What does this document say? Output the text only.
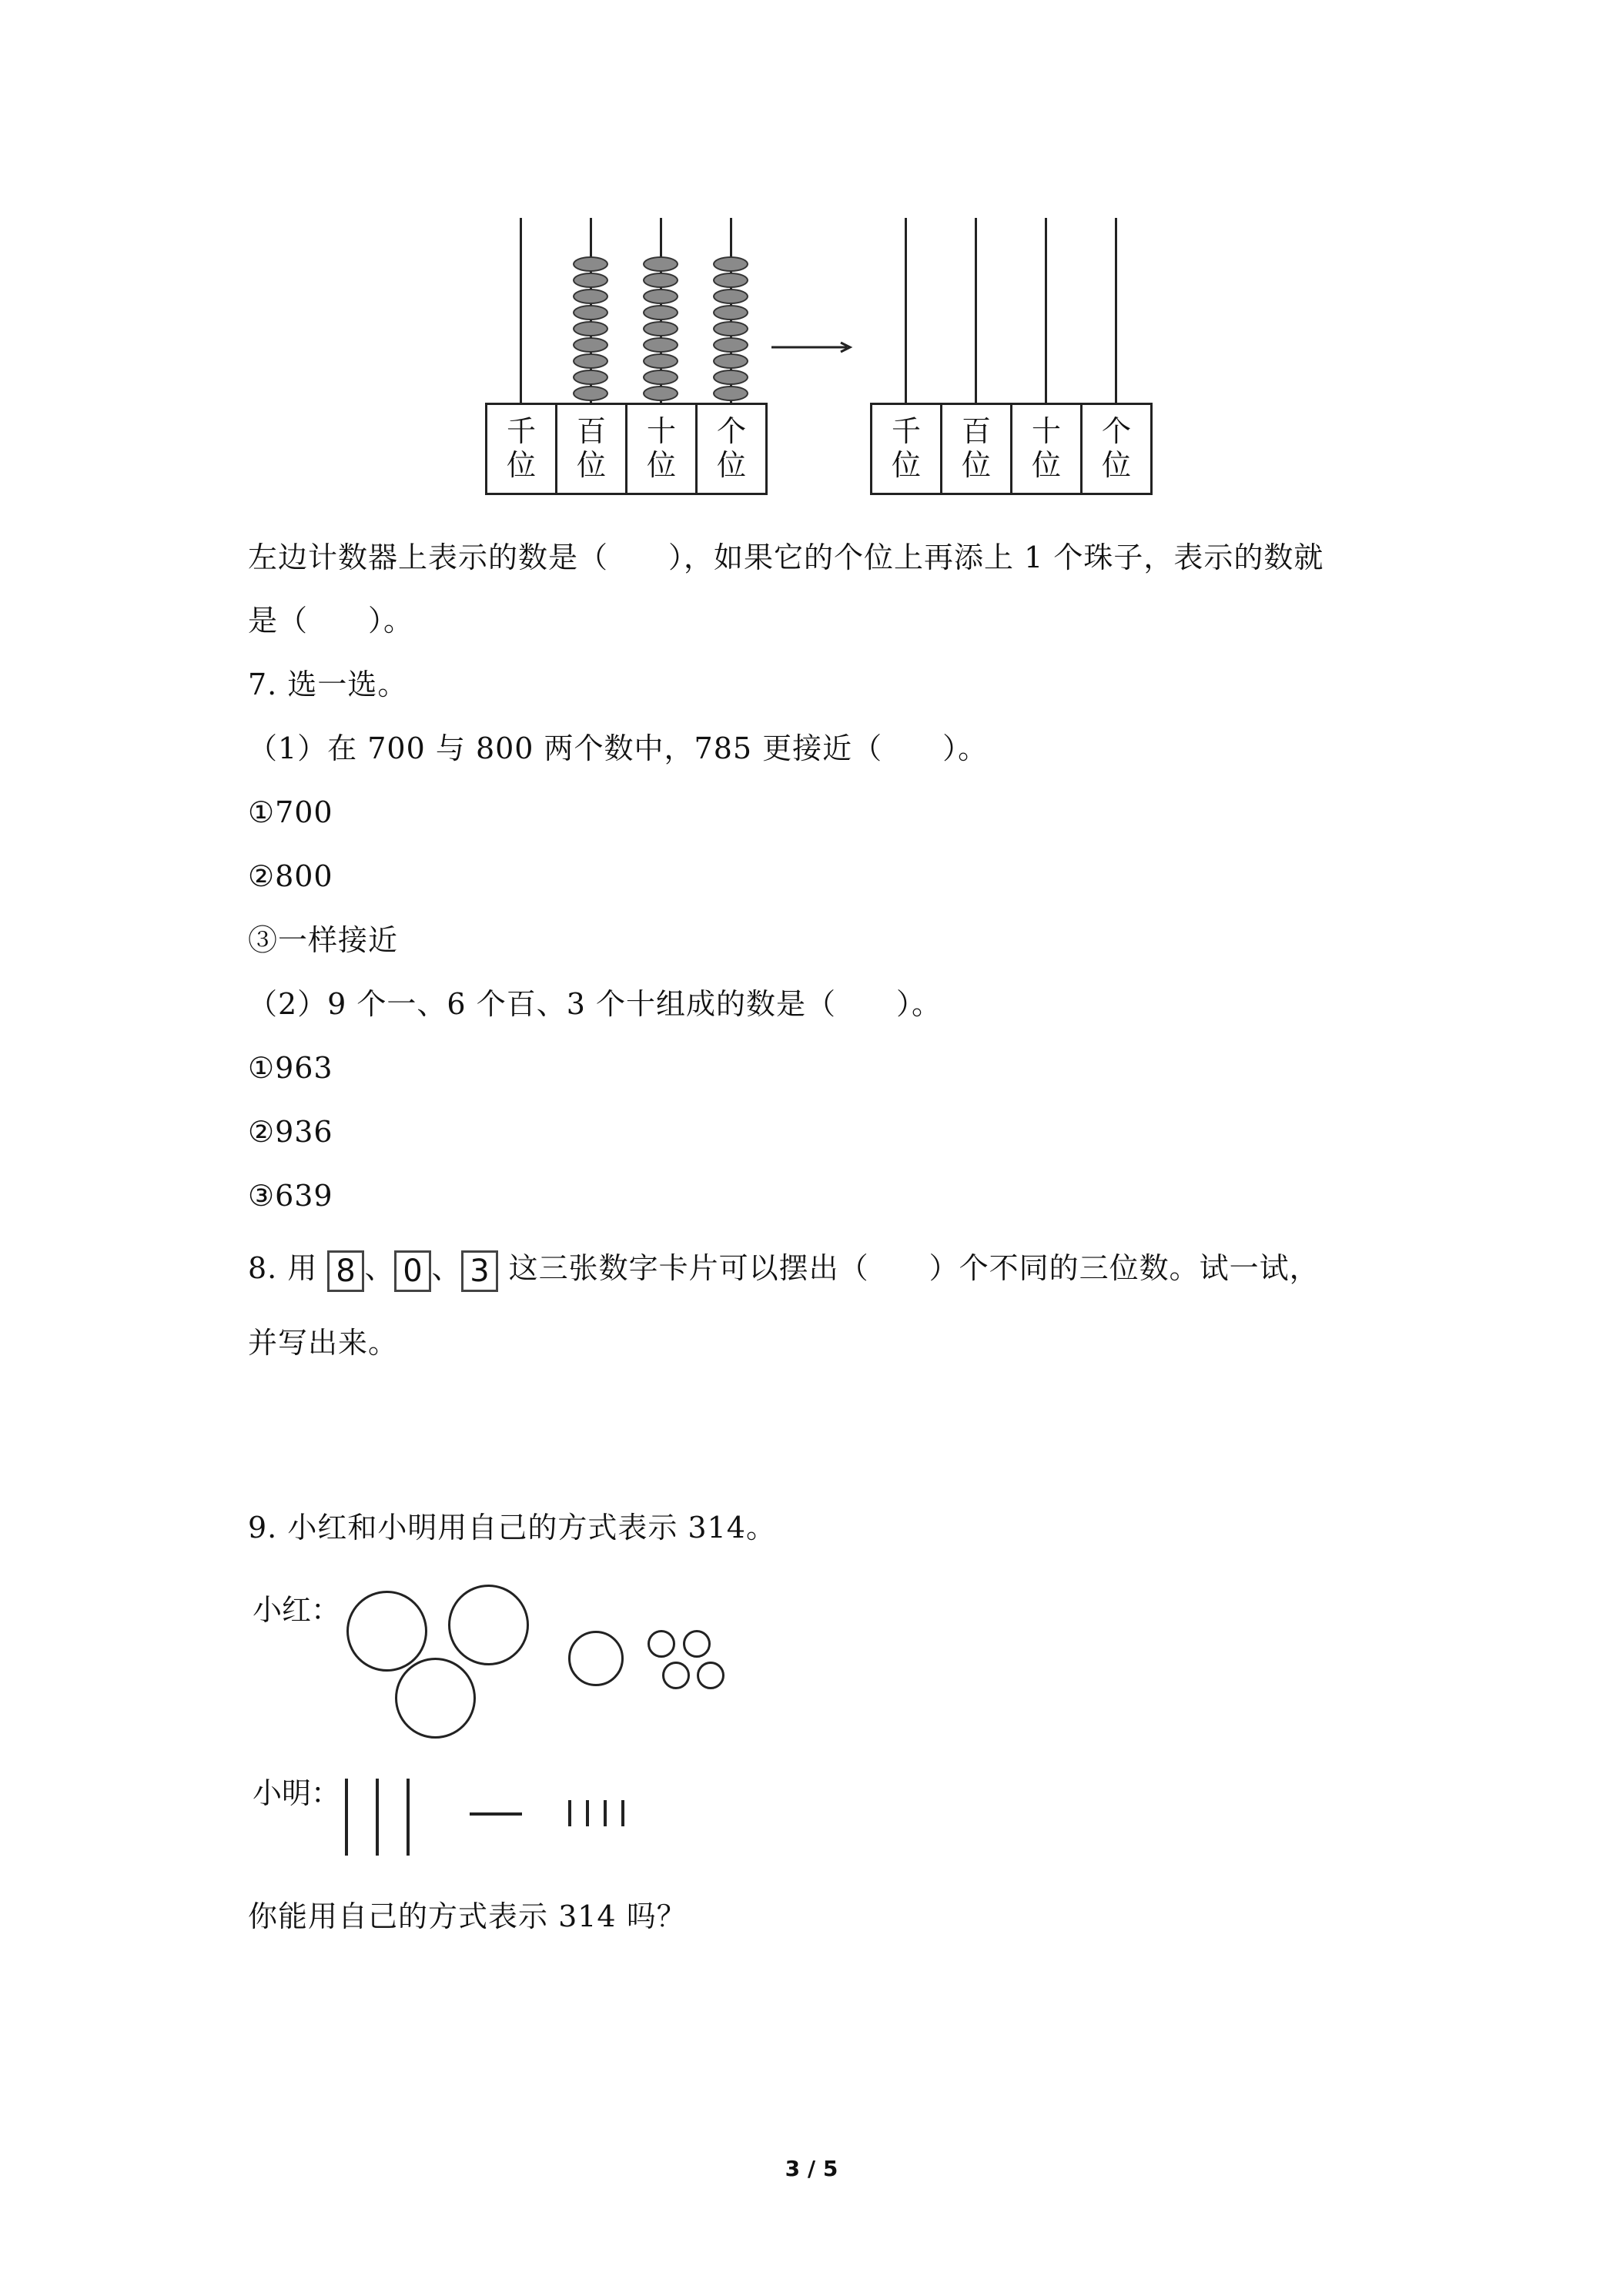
千
位
百
位
十
位
个
位
千
位
百
位
十
位
个
位
左边计数器上表示的数是（　　），如果它的个位上再添上 1 个珠子，表示的数就
是（　　）。
7. 选一选。
（1）在 700 与 800 两个数中，785 更接近（　　）。
①700
②800
③一样接近
（2）9 个一、6 个百、3 个十组成的数是（　　）。
①963
②936
③639
8. 用 8 、 0 、 3 这三张数字卡片可以摆出（　　）个不同的三位数。试一试，
并写出来。
9. 小红和小明用自己的方式表示 314。
小红：
小明：
你能用自己的方式表示 314 吗？
3 / 5
